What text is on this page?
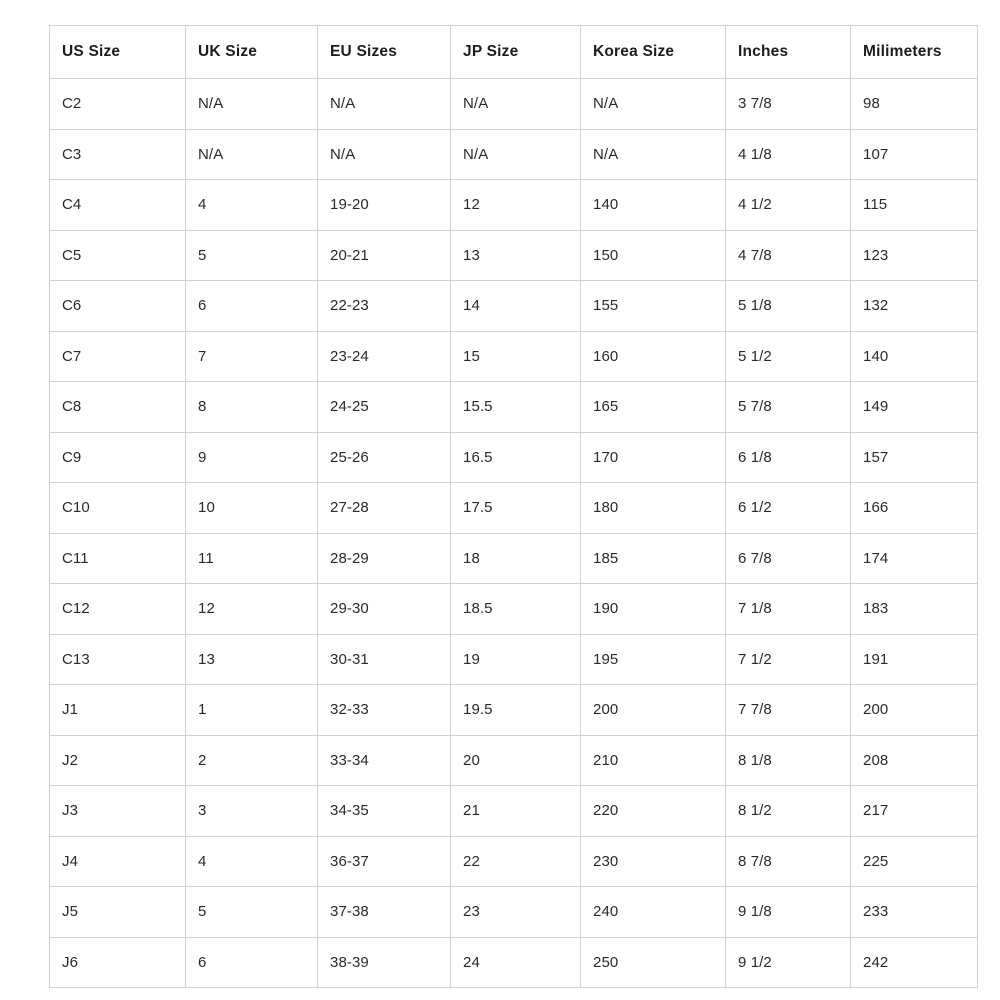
US Size	UK Size	EU Sizes	JP Size	Korea Size	Inches	Milimeters
C2	N/A	N/A	N/A	N/A	3 7/8	98
C3	N/A	N/A	N/A	N/A	4 1/8	107
C4	4	19-20	12	140	4 1/2	115
C5	5	20-21	13	150	4 7/8	123
C6	6	22-23	14	155	5 1/8	132
C7	7	23-24	15	160	5 1/2	140
C8	8	24-25	15.5	165	5 7/8	149
C9	9	25-26	16.5	170	6 1/8	157
C10	10	27-28	17.5	180	6 1/2	166
C11	11	28-29	18	185	6 7/8	174
C12	12	29-30	18.5	190	7 1/8	183
C13	13	30-31	19	195	7 1/2	191
J1	1	32-33	19.5	200	7 7/8	200
J2	2	33-34	20	210	8 1/8	208
J3	3	34-35	21	220	8 1/2	217
J4	4	36-37	22	230	8 7/8	225
J5	5	37-38	23	240	9 1/8	233
J6	6	38-39	24	250	9 1/2	242
